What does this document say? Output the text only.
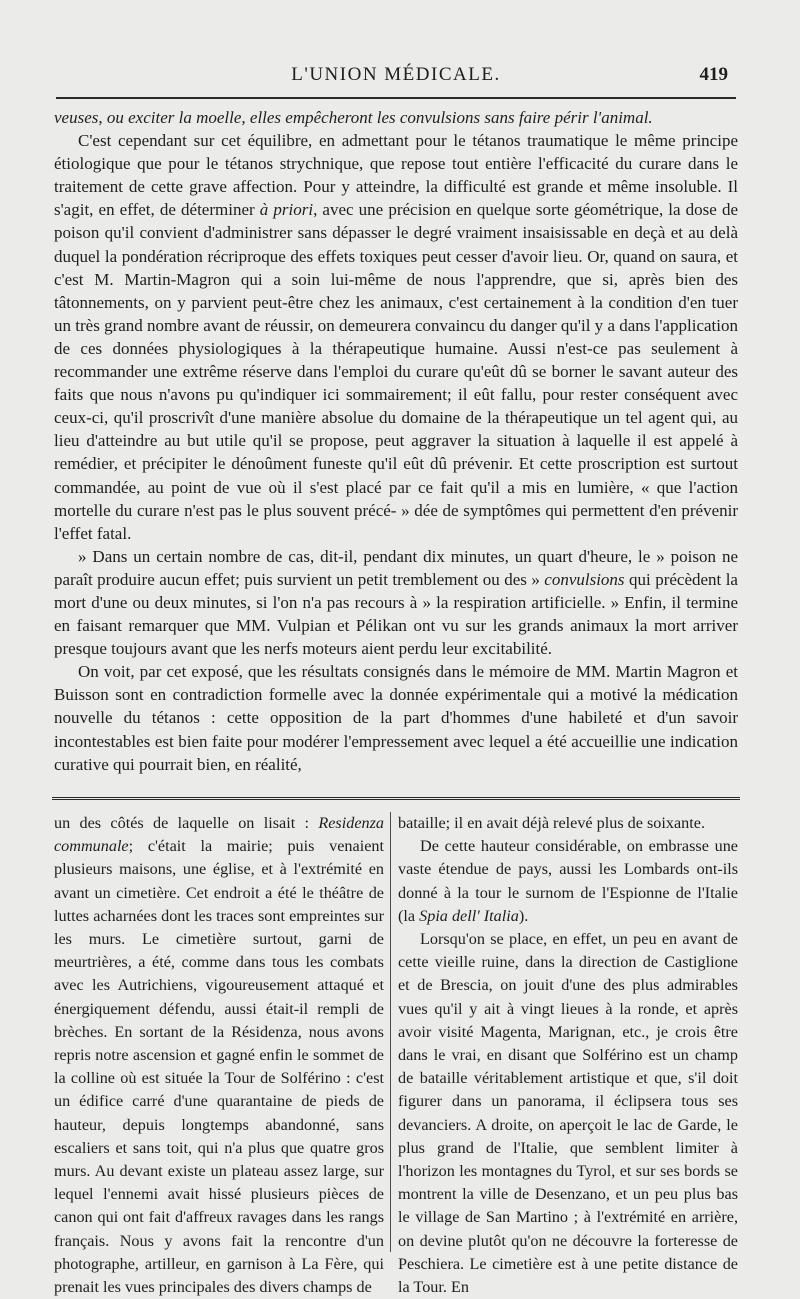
L'UNION MÉDICALE.	419

veuses, ou exciter la moelle, elles empêcheront les convulsions sans faire périr l'animal.

C'est cependant sur cet équilibre, en admettant pour le tétanos traumatique le même principe étiologique que pour le tétanos strychnique, que repose tout entière l'efficacité du curare dans le traitement de cette grave affection. Pour y atteindre, la difficulté est grande et même insoluble. Il s'agit, en effet, de déterminer à priori, avec une précision en quelque sorte géométrique, la dose de poison qu'il convient d'administrer sans dépasser le degré vraiment insaisissable en deçà et au delà duquel la pondération récriproque des effets toxiques peut cesser d'avoir lieu. Or, quand on saura, et c'est M. Martin-Magron qui a soin lui-même de nous l'apprendre, que si, après bien des tâtonnements, on y parvient peut-être chez les animaux, c'est certainement à la condition d'en tuer un très grand nombre avant de réussir, on demeurera convaincu du danger qu'il y a dans l'application de ces données physiologiques à la thérapeutique humaine. Aussi n'est-ce pas seulement à recommander une extrême réserve dans l'emploi du curare qu'eût dû se borner le savant auteur des faits que nous n'avons pu qu'indiquer ici sommairement; il eût fallu, pour rester conséquent avec ceux-ci, qu'il proscrivît d'une manière absolue du domaine de la thérapeutique un tel agent qui, au lieu d'atteindre au but utile qu'il se propose, peut aggraver la situation à laquelle il est appelé à remédier, et précipiter le dénoûment funeste qu'il eût dû prévenir. Et cette proscription est surtout commandée, au point de vue où il s'est placé par ce fait qu'il a mis en lumière, « que l'action mortelle du curare n'est pas le plus souvent précé- » dée de symptômes qui permettent d'en prévenir l'effet fatal.

» Dans un certain nombre de cas, dit-il, pendant dix minutes, un quart d'heure, le » poison ne paraît produire aucun effet; puis survient un petit tremblement ou des » convulsions qui précèdent la mort d'une ou deux minutes, si l'on n'a pas recours à » la respiration artificielle. » Enfin, il termine en faisant remarquer que MM. Vulpian et Pélikan ont vu sur les grands animaux la mort arriver presque toujours avant que les nerfs moteurs aient perdu leur excitabilité.

On voit, par cet exposé, que les résultats consignés dans le mémoire de MM. Martin Magron et Buisson sont en contradiction formelle avec la donnée expérimentale qui a motivé la médication nouvelle du tétanos : cette opposition de la part d'hommes d'une habileté et d'un savoir incontestables est bien faite pour modérer l'empressement avec lequel a été accueillie une indication curative qui pourrait bien, en réalité,

un des côtés de laquelle on lisait : Residenza communale; c'était la mairie; puis venaient plusieurs maisons, une église, et à l'extrémité en avant un cimetière. Cet endroit a été le théâtre de luttes acharnées dont les traces sont empreintes sur les murs. Le cimetière surtout, garni de meurtrières, a été, comme dans tous les combats avec les Autrichiens, vigoureusement attaqué et énergiquement défendu, aussi était-il rempli de brèches. En sortant de la Résidenza, nous avons repris notre ascension et gagné enfin le sommet de la colline où est située la Tour de Solférino : c'est un édifice carré d'une quarantaine de pieds de hauteur, depuis longtemps abandonné, sans escaliers et sans toit, qui n'a plus que quatre gros murs. Au devant existe un plateau assez large, sur lequel l'ennemi avait hissé plusieurs pièces de canon qui ont fait d'affreux ravages dans les rangs français. Nous y avons fait la rencontre d'un photographe, artilleur, en garnison à La Fère, qui prenait les vues principales des divers champs de

bataille; il en avait déjà relevé plus de soixante.

De cette hauteur considérable, on embrasse une vaste étendue de pays, aussi les Lombards ont-ils donné à la tour le surnom de l'Espionne de l'Italie (la Spia dell' Italia).

Lorsqu'on se place, en effet, un peu en avant de cette vieille ruine, dans la direction de Castiglione et de Brescia, on jouit d'une des plus admirables vues qu'il y ait à vingt lieues à la ronde, et après avoir visité Magenta, Marignan, etc., je crois être dans le vrai, en disant que Solférino est un champ de bataille véritablement artistique et que, s'il doit figurer dans un panorama, il éclipsera tous ses devanciers. A droite, on aperçoit le lac de Garde, le plus grand de l'Italie, que semblent limiter à l'horizon les montagnes du Tyrol, et sur ses bords se montrent la ville de Desenzano, et un peu plus bas le village de San Martino ; à l'extrémité en arrière, on devine plutôt qu'on ne découvre la forteresse de Peschiera. Le cimetière est à une petite distance de la Tour. En
